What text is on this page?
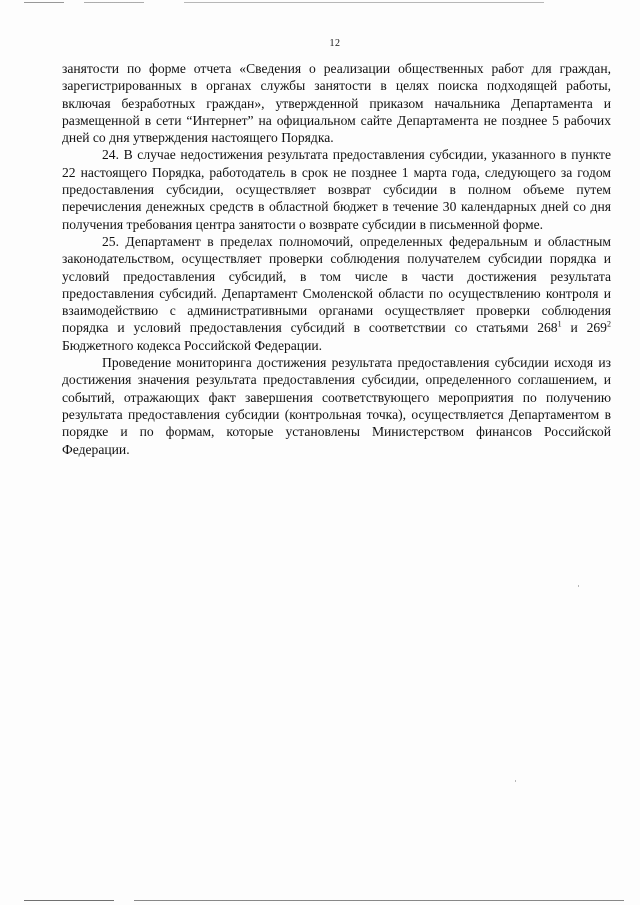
12

занятости по форме отчета «Сведения о реализации общественных работ для граждан, зарегистрированных в органах службы занятости в целях поиска подходящей работы, включая безработных граждан», утвержденной приказом начальника Департамента и размещенной в сети “Интернет” на официальном сайте Департамента не позднее 5 рабочих дней со дня утверждения настоящего Порядка.

24. В случае недостижения результата предоставления субсидии, указанного в пункте 22 настоящего Порядка, работодатель в срок не позднее 1 марта года, следующего за годом предоставления субсидии, осуществляет возврат субсидии в полном объеме путем перечисления денежных средств в областной бюджет в течение 30 календарных дней со дня получения требования центра занятости о возврате субсидии в письменной форме.

25. Департамент в пределах полномочий, определенных федеральным и областным законодательством, осуществляет проверки соблюдения получателем субсидии порядка и условий предоставления субсидий, в том числе в части достижения результата предоставления субсидий. Департамент Смоленской области по осуществлению контроля и взаимодействию с административными органами осуществляет проверки соблюдения порядка и условий предоставления субсидий в соответствии со статьями $268^1$ и $269^2$ Бюджетного кодекса Российской Федерации.

Проведение мониторинга достижения результата предоставления субсидии исходя из достижения значения результата предоставления субсидии, определенного соглашением, и событий, отражающих факт завершения соответствующего мероприятия по получению результата предоставления субсидии (контрольная точка), осуществляется Департаментом в порядке и по формам, которые установлены Министерством финансов Российской Федерации.
